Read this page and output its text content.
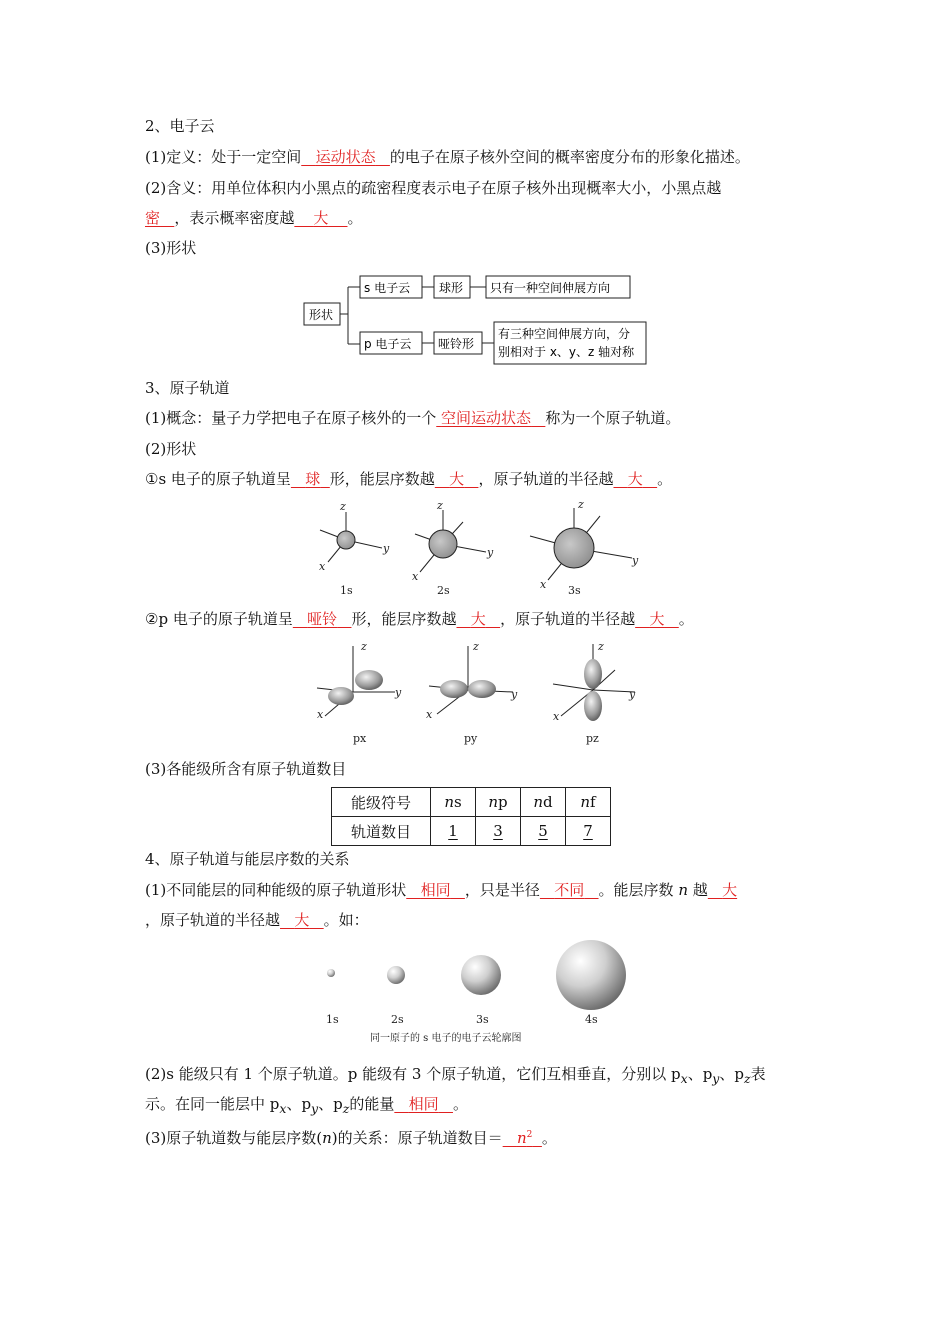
2、电子云
(1)定义：处于一定空间 运动状态 的电子在原子核外空间的概率密度分布的形象化描述。
(2)含义：用单位体积内小黑点的疏密程度表示电子在原子核外出现概率大小，小黑点越
密 ，表示概率密度越 大 。
(3)形状
形状
s 电子云 球形 只有一种空间伸展方向
p 电子云 哑铃形
有三种空间伸展方向，分
别相对于 x、y、z 轴对称
3、原子轨道
(1)概念：量子力学把电子在原子核外的一个 空间运动状态 称为一个原子轨道。
(2)形状
①s 电子的原子轨道呈 球 形，能层序数越 大 ，原子轨道的半径越 大 。
z
y
x
z
y
x
z
y
x
1s	2s	3s
②p 电子的原子轨道呈 哑铃 形，能层序数越 大 ，原子轨道的半径越 大 。
z
y
x
z
y
x
z
y
x
px	py	pz
(3)各能级所含有原子轨道数目
能级符号	ns	np	nd	nf
轨道数目	1	3	5	7
4、原子轨道与能层序数的关系
(1)不同能层的同种能级的原子轨道形状 相同 ，只是半径 不同 。能层序数 n 越 大
，原子轨道的半径越 大 。如：
1s	2s	3s	4s
同一原子的 s 电子的电子云轮廓图
(2)s 能级只有 1 个原子轨道。p 能级有 3 个原子轨道，它们互相垂直，分别以 $p_x$、$p_y$、$p_z$表
示。在同一能层中 $p_x$、$p_y$、$p_z$的能量 相同 。
(3)原子轨道数与能层序数(n)的关系：原子轨道数目＝ $n^2$ 。
